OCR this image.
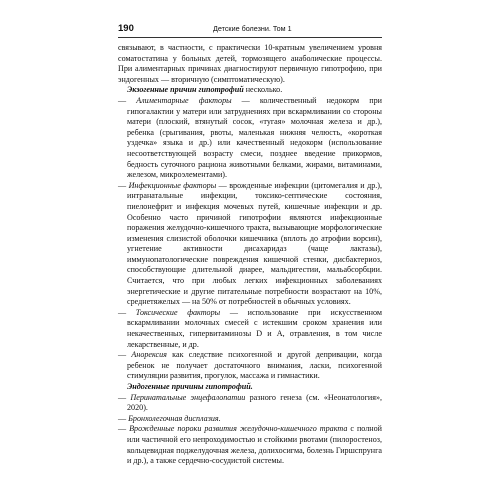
190	Детские болезни. Том 1

связывают, в частности, с практически 10-кратным увеличением уровня соматостатина у больных детей, тормозящего анаболические процессы. При алиментарных причинах диагностируют первичную гипотрофию, при эндогенных — вторичную (симптоматическую).

Экзогенные причин гипотрофий несколько.

— Алиментарные факторы — количественный недокорм при гипогалактии у матери или затруднениях при вскармливании со стороны матери (плоский, втянутый сосок, «тугая» молочная железа и др.), ребенка (срыгивания, рвоты, маленькая нижняя челюсть, «короткая уздечка» языка и др.) или качественный недокорм (использование несоответствующей возрасту смеси, позднее введение прикормов, бедность суточного рациона животными белками, жирами, витаминами, железом, микроэлементами).

— Инфекционные факторы — врожденные инфекции (цитомегалия и др.), интранатальные инфекции, токсико-септические состояния, пиелонефрит и инфекция мочевых путей, кишечные инфекции и др. Особенно часто причиной гипотрофии являются инфекционные поражения желудочно-кишечного тракта, вызывающие морфологические изменения слизистой оболочки кишечника (вплоть до атрофии ворсин), угнетение активности дисахаридаз (чаще лактазы), иммунопатологические повреждения кишечной стенки, дисбактериоз, способствующие длительной диарее, мальдигестии, мальабсорбции. Считается, что при любых легких инфекционных заболеваниях энергетические и другие питательные потребности возрастают на 10%, среднетяжелых — на 50% от потребностей в обычных условиях.

— Токсические факторы — использование при искусственном вскармливании молочных смесей с истекшим сроком хранения или некачественных, гипервитаминозы D и A, отравления, в том числе лекарственные, и др.

— Анорексия как следствие психогенной и другой депривации, когда ребенок не получает достаточного внимания, ласки, психогенной стимуляции развития, прогулок, массажа и гимнастики.

Эндогенные причины гипотрофий.

— Перинатальные энцефалопатии разного генеза (см. «Неонатология», 2020).

— Бронхолегочная дисплазия.

— Врожденные пороки развития желудочно-кишечного тракта с полной или частичной его непроходимостью и стойкими рвотами (пилоростеноз, кольцевидная поджелудочная железа, долихосигма, болезнь Гиршспрунга и др.), а также сердечно-сосудистой системы.
